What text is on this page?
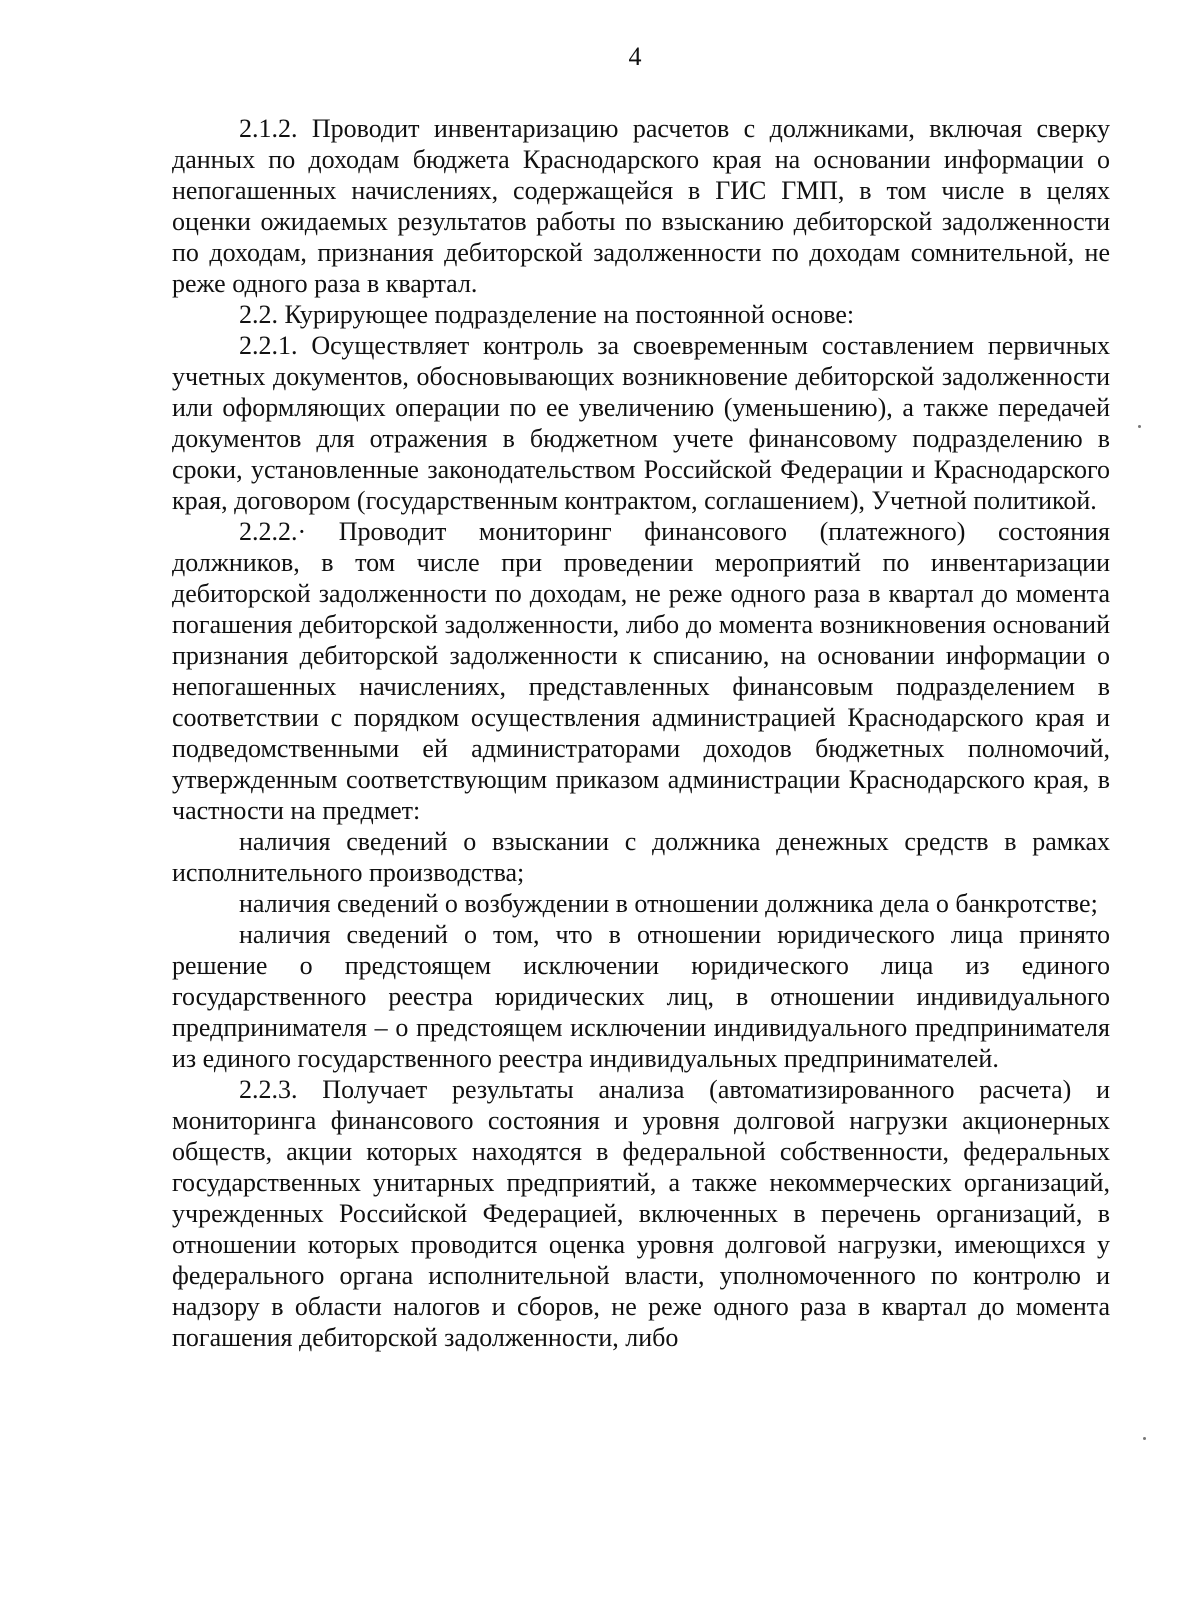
4

2.1.2. Проводит инвентаризацию расчетов с должниками, включая сверку данных по доходам бюджета Краснодарского края на основании информации о непогашенных начислениях, содержащейся в ГИС ГМП, в том числе в целях оценки ожидаемых результатов работы по взысканию дебиторской задолженности по доходам, признания дебиторской задолженности по доходам сомнительной, не реже одного раза в квартал.

2.2. Курирующее подразделение на постоянной основе:

2.2.1. Осуществляет контроль за своевременным составлением первичных учетных документов, обосновывающих возникновение дебиторской задолженности или оформляющих операции по ее увеличению (уменьшению), а также передачей документов для отражения в бюджетном учете финансовому подразделению в сроки, установленные законодательством Российской Федерации и Краснодарского края, договором (государственным контрактом, соглашением), Учетной политикой.

2.2.2.· Проводит мониторинг финансового (платежного) состояния должников, в том числе при проведении мероприятий по инвентаризации дебиторской задолженности по доходам, не реже одного раза в квартал до момента погашения дебиторской задолженности, либо до момента возникновения оснований признания дебиторской задолженности к списанию, на основании информации о непогашенных начислениях, представленных финансовым подразделением в соответствии с порядком осуществления администрацией Краснодарского края и подведомственными ей администраторами доходов бюджетных полномочий, утвержденным соответствующим приказом администрации Краснодарского края, в частности на предмет:

наличия сведений о взыскании с должника денежных средств в рамках исполнительного производства;

наличия сведений о возбуждении в отношении должника дела о банкротстве;

наличия сведений о том, что в отношении юридического лица принято решение о предстоящем исключении юридического лица из единого государственного реестра юридических лиц, в отношении индивидуального предпринимателя – о предстоящем исключении индивидуального предпринимателя из единого государственного реестра индивидуальных предпринимателей.

2.2.3. Получает результаты анализа (автоматизированного расчета) и мониторинга финансового состояния и уровня долговой нагрузки акционерных обществ, акции которых находятся в федеральной собственности, федеральных государственных унитарных предприятий, а также некоммерческих организаций, учрежденных Российской Федерацией, включенных в перечень организаций, в отношении которых проводится оценка уровня долговой нагрузки, имеющихся у федерального органа исполнительной власти, уполномоченного по контролю и надзору в области налогов и сборов, не реже одного раза в квартал до момента погашения дебиторской задолженности, либо
